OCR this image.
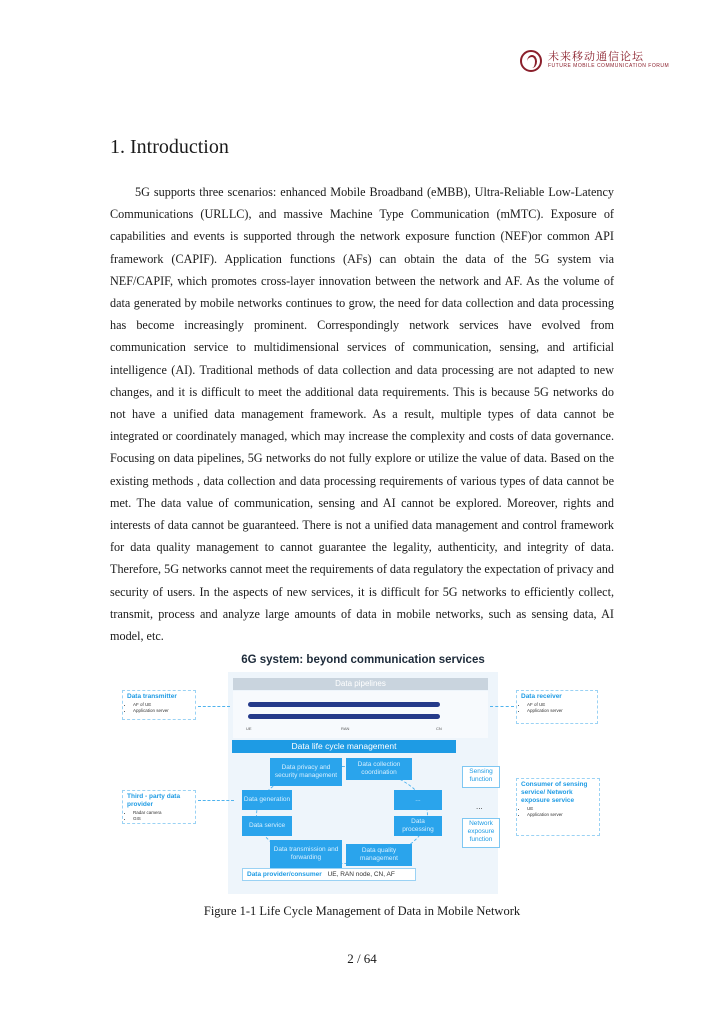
未来移动通信论坛
FUTURE MOBILE COMMUNICATION FORUM
1. Introduction

5G supports three scenarios: enhanced Mobile Broadband (eMBB), Ultra-Reliable Low-Latency Communications (URLLC), and massive Machine Type Communication (mMTC). Exposure of capabilities and events is supported through the network exposure function (NEF)or common API framework (CAPIF). Application functions (AFs) can obtain the data of the 5G system via NEF/CAPIF, which promotes cross-layer innovation between the network and AF. As the volume of data generated by mobile networks continues to grow, the need for data collection and data processing has become increasingly prominent. Correspondingly network services have evolved from communication service to multidimensional services of communication, sensing, and artificial intelligence (AI). Traditional methods of data collection and data processing are not adapted to new changes, and it is difficult to meet the additional data requirements. This is because 5G networks do not have a unified data management framework. As a result, multiple types of data cannot be integrated or coordinately managed, which may increase the complexity and costs of data governance. Focusing on data pipelines, 5G networks do not fully explore or utilize the value of data. Based on the existing methods , data collection and data processing requirements of various types of data cannot be met. The data value of communication, sensing and AI cannot be explored. Moreover, rights and interests of data cannot be guaranteed. There is not a unified data management and control framework for data quality management to cannot guarantee the legality, authenticity, and integrity of data. Therefore, 5G networks cannot meet the requirements of data regulatory the expectation of privacy and security of users. In the aspects of new services, it is difficult for 5G networks to efficiently collect, transmit, process and analyze large amounts of data in mobile networks, such as sensing data, AI model, etc.

6G system: beyond communication services
Data pipelines
UE	RAN	CN
Data life cycle management
Data privacy and security management
Data collection coordination
Data generation	...
Data service
Data processing
Data transmission and forwarding
Data quality management
Sensing function
Network exposure function
...
Data transmitter
• AF of UE
• Application server
Data receiver
• AF of UE
• Application server
Third - party data provider
• Radar camera
• GIS
Consumer of sensing service/ Network exposure service
• UE
• Application server
Data provider/consumer UE, RAN node, CN, AF
Figure 1-1 Life Cycle Management of Data in Mobile Network
2 / 64
